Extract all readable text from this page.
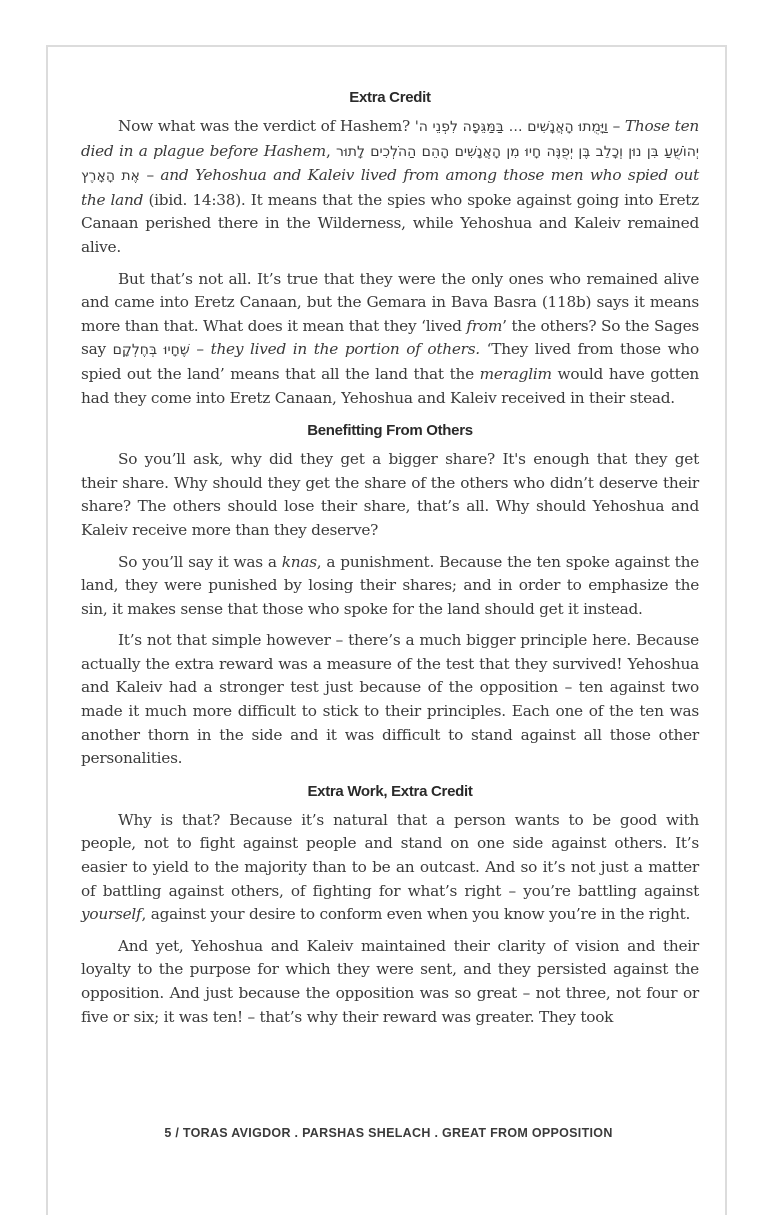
Extra Credit

Now what was the verdict of Hashem? וַיָּמֻתוּ הָאֲנָשִׁים … בַּמַּגֵּפָה לִפְנֵי ה' – Those ten died in a plague before Hashem, יְהוֹשֻׁעַ בִּן נוּן וְכָלֵב בֶּן יְפֻנֶּה חָיוּ מִן הָאֲנָשִׁים הָהֵם הַהֹלְכִים לָתוּר אֶת הָאָרֶץ – and Yehoshua and Kaleiv lived from among those men who spied out the land (ibid. 14:38). It means that the spies who spoke against going into Eretz Canaan perished there in the Wilderness, while Yehoshua and Kaleiv remained alive.

But that’s not all. It’s true that they were the only ones who remained alive and came into Eretz Canaan, but the Gemara in Bava Basra (118b) says it means more than that. What does it mean that they ‘lived from’ the others? So the Sages say שֶׁחָיוּ בְּחֶלְקָם – they lived in the portion of others. ‘They lived from those who spied out the land’ means that all the land that the meraglim would have gotten had they come into Eretz Canaan, Yehoshua and Kaleiv received in their stead.

Benefitting From Others

So you’ll ask, why did they get a bigger share? It's enough that they get their share. Why should they get the share of the others who didn’t deserve their share? The others should lose their share, that’s all. Why should Yehoshua and Kaleiv receive more than they deserve?

So you’ll say it was a knas, a punishment. Because the ten spoke against the land, they were punished by losing their shares; and in order to emphasize the sin, it makes sense that those who spoke for the land should get it instead.

It’s not that simple however – there’s a much bigger principle here. Because actually the extra reward was a measure of the test that they survived! Yehoshua and Kaleiv had a stronger test just because of the opposition – ten against two made it much more difficult to stick to their principles. Each one of the ten was another thorn in the side and it was difficult to stand against all those other personalities.

Extra Work, Extra Credit

Why is that? Because it’s natural that a person wants to be good with people, not to fight against people and stand on one side against others. It’s easier to yield to the majority than to be an outcast. And so it’s not just a matter of battling against others, of fighting for what’s right – you’re battling against yourself, against your desire to conform even when you know you’re in the right.

And yet, Yehoshua and Kaleiv maintained their clarity of vision and their loyalty to the purpose for which they were sent, and they persisted against the opposition. And just because the opposition was so great – not three, not four or five or six; it was ten! – that’s why their reward was greater. They took

5 / TORAS AVIGDOR . PARSHAS SHELACH . GREAT FROM OPPOSITION
